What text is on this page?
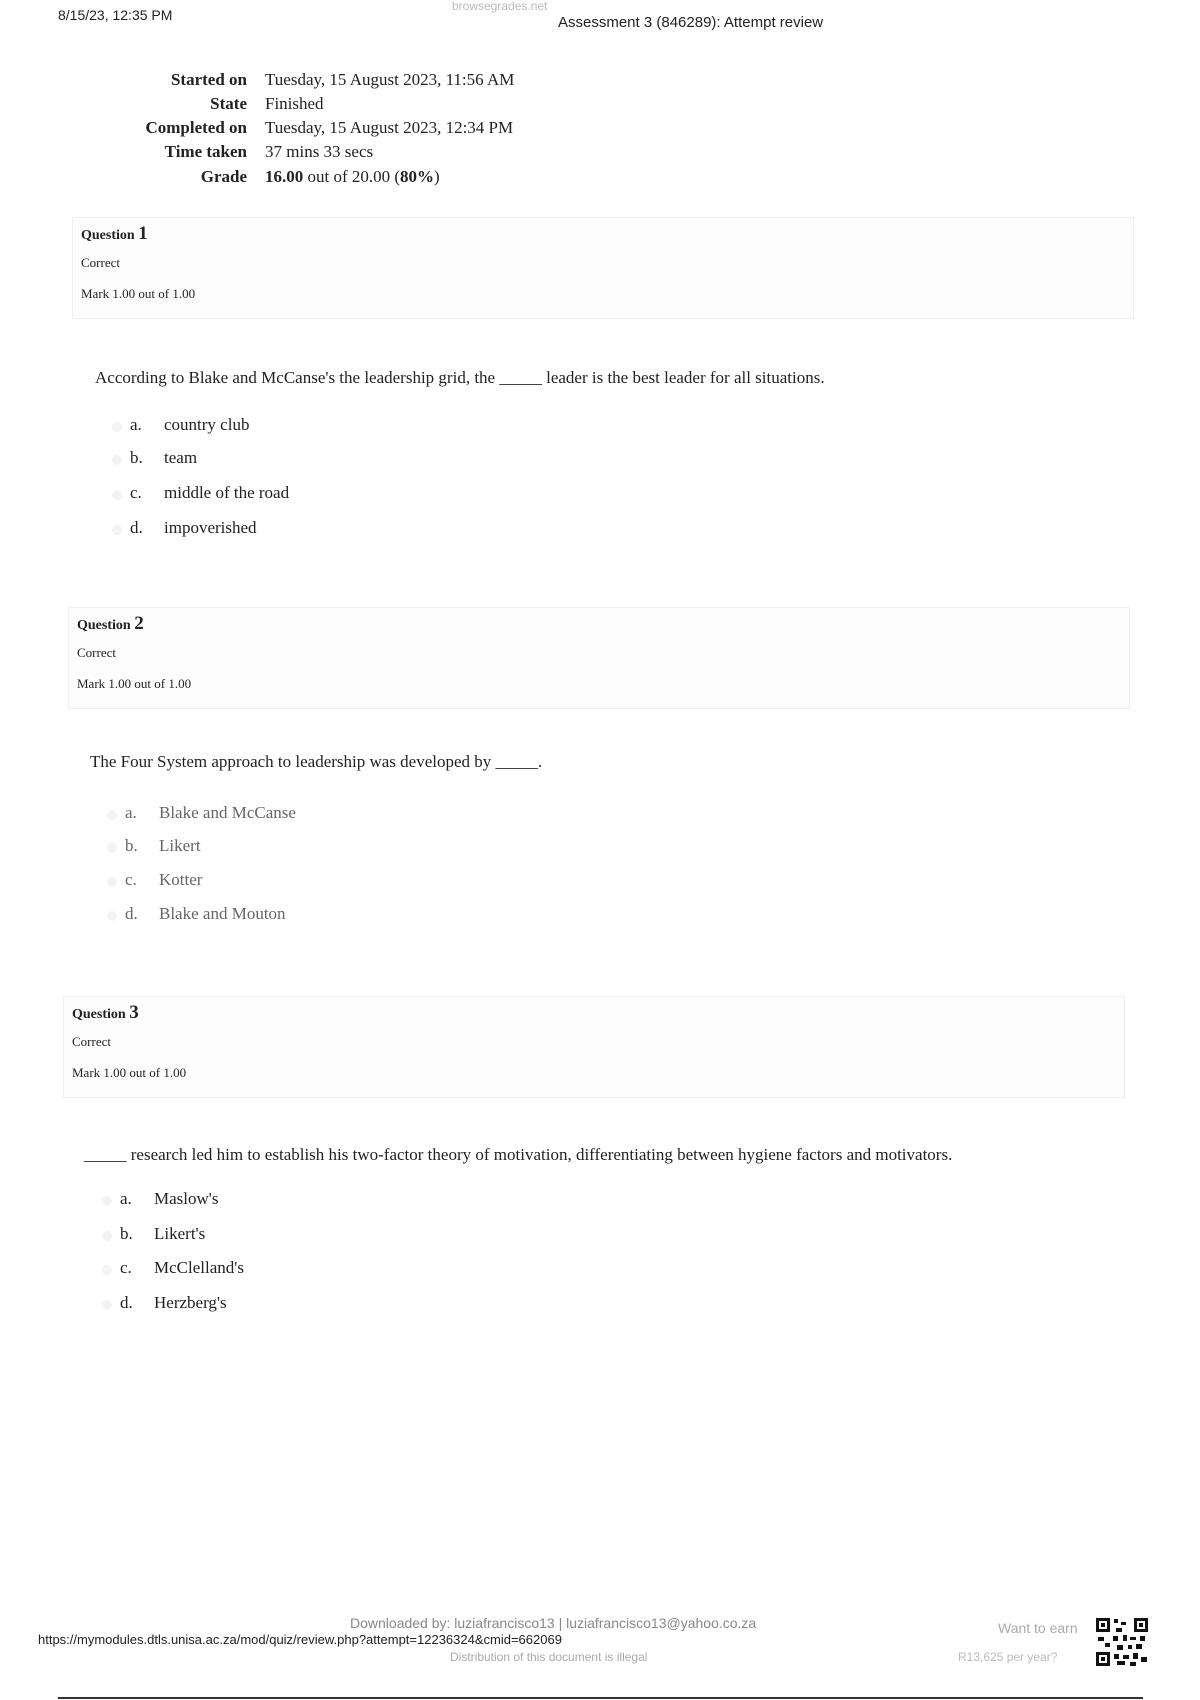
8/15/23, 12:35 PM
browsegrades.net
Assessment 3 (846289): Attempt review
Started on Tuesday, 15 August 2023, 11:56 AM
State Finished
Completed on Tuesday, 15 August 2023, 12:34 PM
Time taken 37 mins 33 secs
Grade 16.00 out of 20.00 (80%)
Question 1
Correct
Mark 1.00 out of 1.00
According to Blake and McCanse's the leadership grid, the _____ leader is the best leader for all situations.
a. country club
b. team
c. middle of the road
d. impoverished
Question 2
Correct
Mark 1.00 out of 1.00
The Four System approach to leadership was developed by _____.
a. Blake and McCanse
b. Likert
c. Kotter
d. Blake and Mouton
Question 3
Correct
Mark 1.00 out of 1.00
_____ research led him to establish his two-factor theory of motivation, differentiating between hygiene factors and motivators.
a. Maslow's
b. Likert's
c. McClelland's
d. Herzberg's
Downloaded by: luziafrancisco13 | luziafrancisco13@yahoo.co.za
https://mymodules.dtls.unisa.ac.za/mod/quiz/review.php?attempt=12236324&cmid=662069
Distribution of this document is illegal
Want to earn
R13,625 per year?
